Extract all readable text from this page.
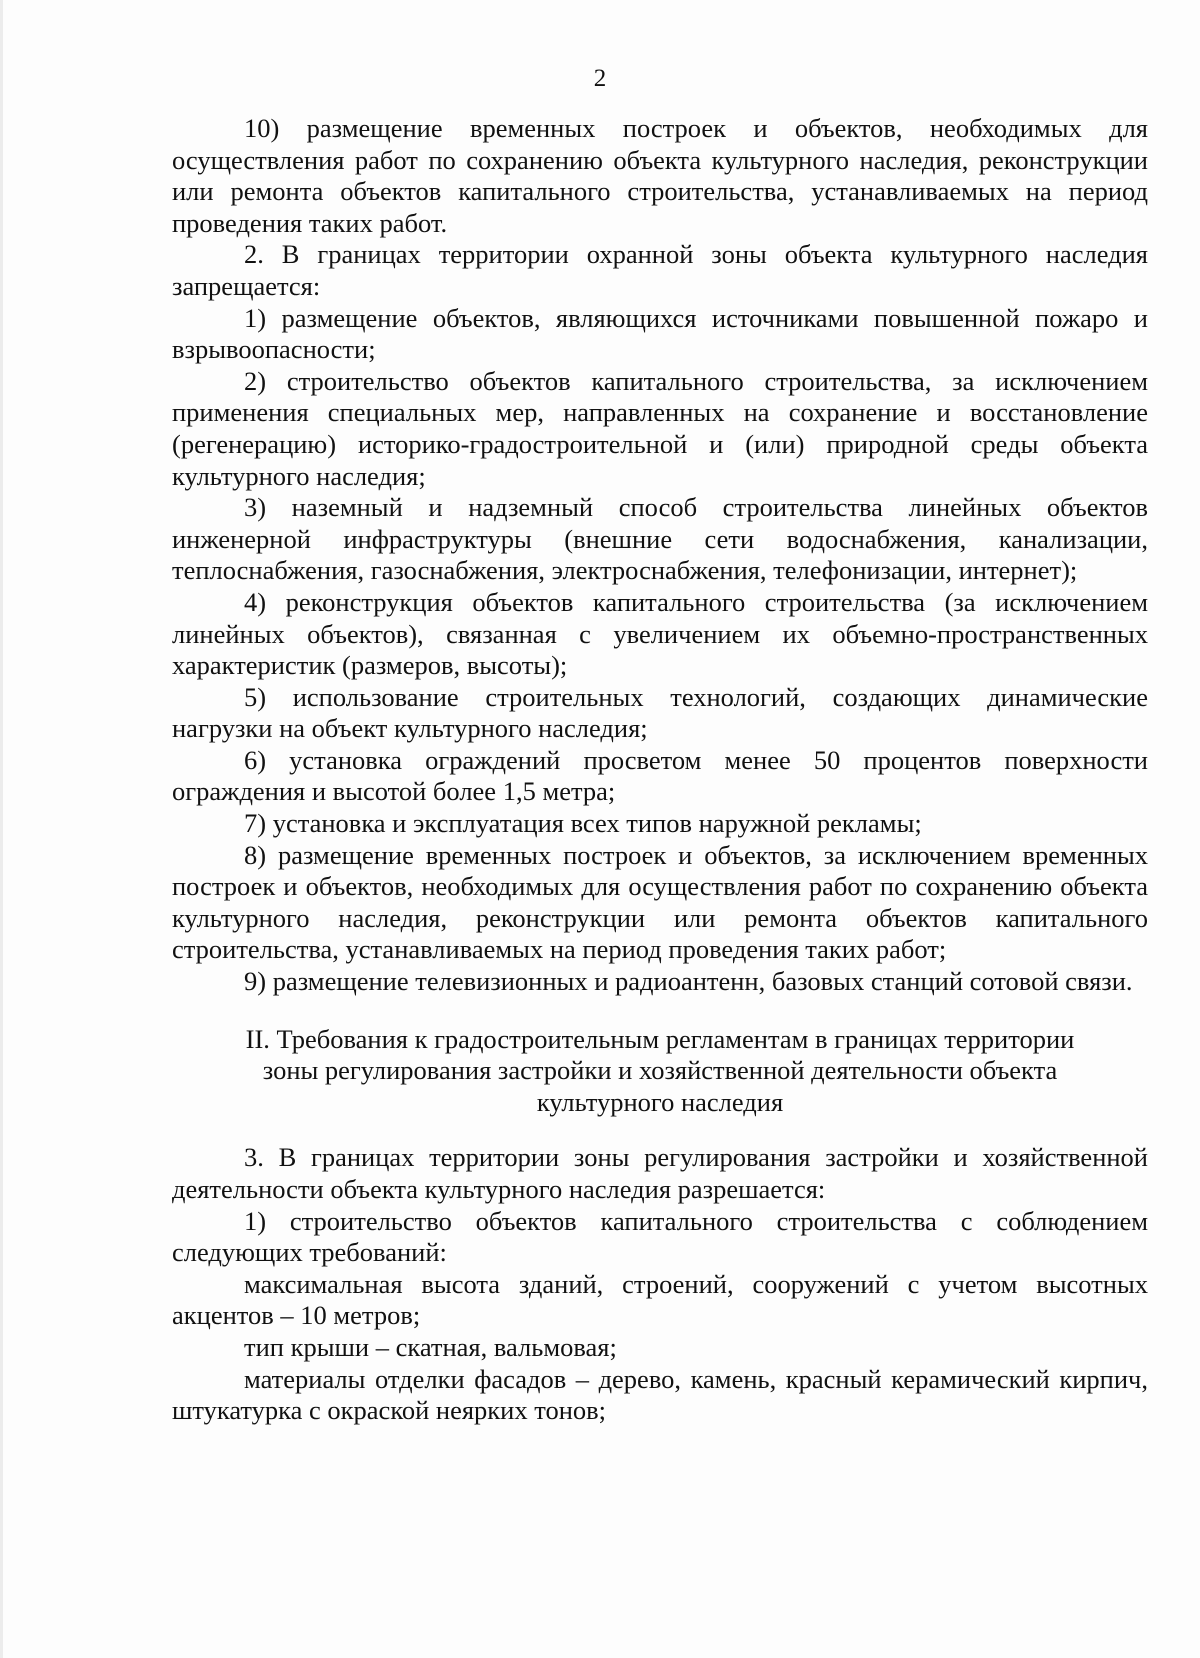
2

10) размещение временных построек и объектов, необходимых для осуществления работ по сохранению объекта культурного наследия, реконструкции или ремонта объектов капитального строительства, устанавливаемых на период проведения таких работ.

2. В границах территории охранной зоны объекта культурного наследия запрещается:

1) размещение объектов, являющихся источниками повышенной пожаро и взрывоопасности;

2) строительство объектов капитального строительства, за исключением применения специальных мер, направленных на сохранение и восстановление (регенерацию) историко-градостроительной и (или) природной среды объекта культурного наследия;

3) наземный и надземный способ строительства линейных объектов инженерной инфраструктуры (внешние сети водоснабжения, канализации, теплоснабжения, газоснабжения, электроснабжения, телефонизации, интернет);

4) реконструкция объектов капитального строительства (за исключением линейных объектов), связанная с увеличением их объемно-пространственных характеристик (размеров, высоты);

5) использование строительных технологий, создающих динамические нагрузки на объект культурного наследия;

6) установка ограждений просветом менее 50 процентов поверхности ограждения и высотой более 1,5 метра;

7) установка и эксплуатация всех типов наружной рекламы;

8) размещение временных построек и объектов, за исключением временных построек и объектов, необходимых для осуществления работ по сохранению объекта культурного наследия, реконструкции или ремонта объектов капитального строительства, устанавливаемых на период проведения таких работ;

9) размещение телевизионных и радиоантенн, базовых станций сотовой связи.

II. Требования к градостроительным регламентам в границах территории
зоны регулирования застройки и хозяйственной деятельности объекта
культурного наследия

3. В границах территории зоны регулирования застройки и хозяйственной деятельности объекта культурного наследия разрешается:

1) строительство объектов капитального строительства с соблюдением следующих требований:

максимальная высота зданий, строений, сооружений с учетом высотных акцентов – 10 метров;

тип крыши – скатная, вальмовая;

материалы отделки фасадов – дерево, камень, красный керамический кирпич, штукатурка с окраской неярких тонов;
